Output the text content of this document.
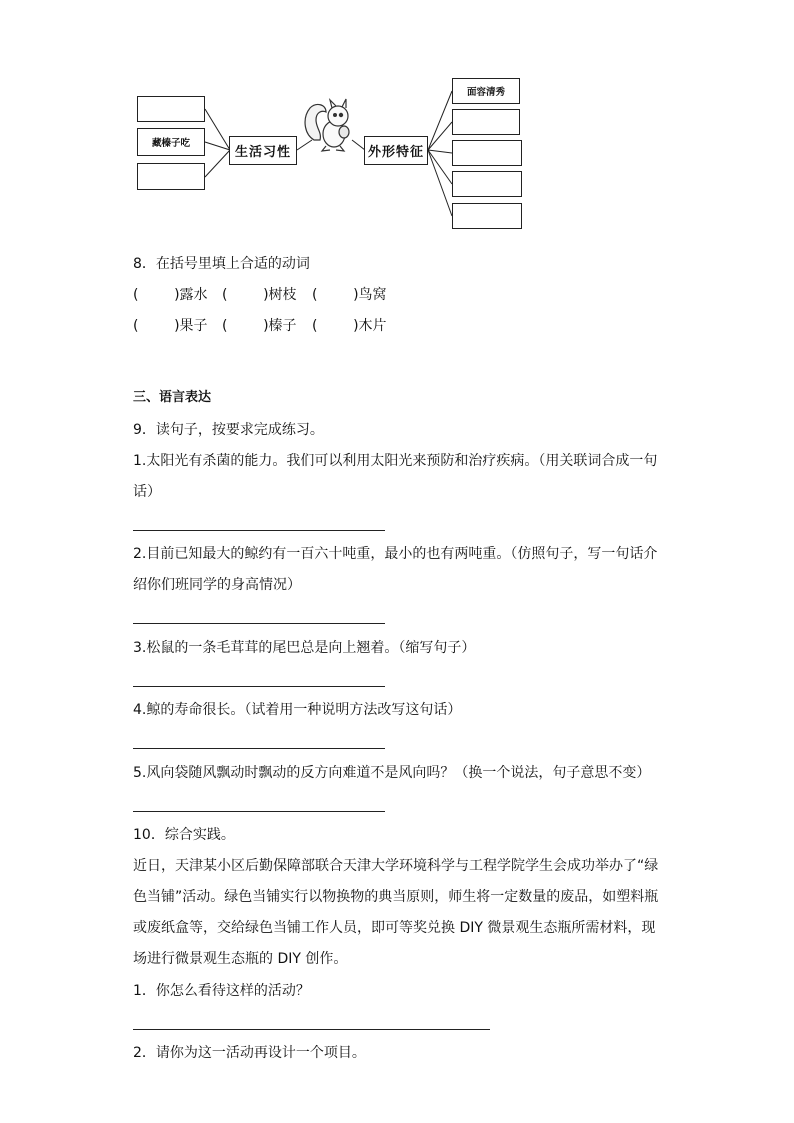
藏榛子吃
生活习性	外形特征
面容清秀
8．在括号里填上合适的动词
(        )露水 (        )树枝 (        )鸟窝
(        )果子 (        )榛子 (        )木片
三、语言表达
9．读句子，按要求完成练习。
1.太阳光有杀菌的能力。我们可以利用太阳光来预防和治疗疾病。（用关联词合成一句
话）
2.目前已知最大的鲸约有一百六十吨重，最小的也有两吨重。（仿照句子，写一句话介
绍你们班同学的身高情况）
3.松鼠的一条毛茸茸的尾巴总是向上翘着。（缩写句子）
4.鲸的寿命很长。（试着用一种说明方法改写这句话）
5.风向袋随风飘动时飘动的反方向难道不是风向吗？（换一个说法，句子意思不变）
10．综合实践。
近日，天津某小区后勤保障部联合天津大学环境科学与工程学院学生会成功举办了“绿
色当铺”活动。绿色当铺实行以物换物的典当原则，师生将一定数量的废品，如塑料瓶
或废纸盒等，交给绿色当铺工作人员，即可等奖兑换 DIY 微景观生态瓶所需材料，现
场进行微景观生态瓶的 DIY 创作。
1．你怎么看待这样的活动？
2．请你为这一活动再设计一个项目。
